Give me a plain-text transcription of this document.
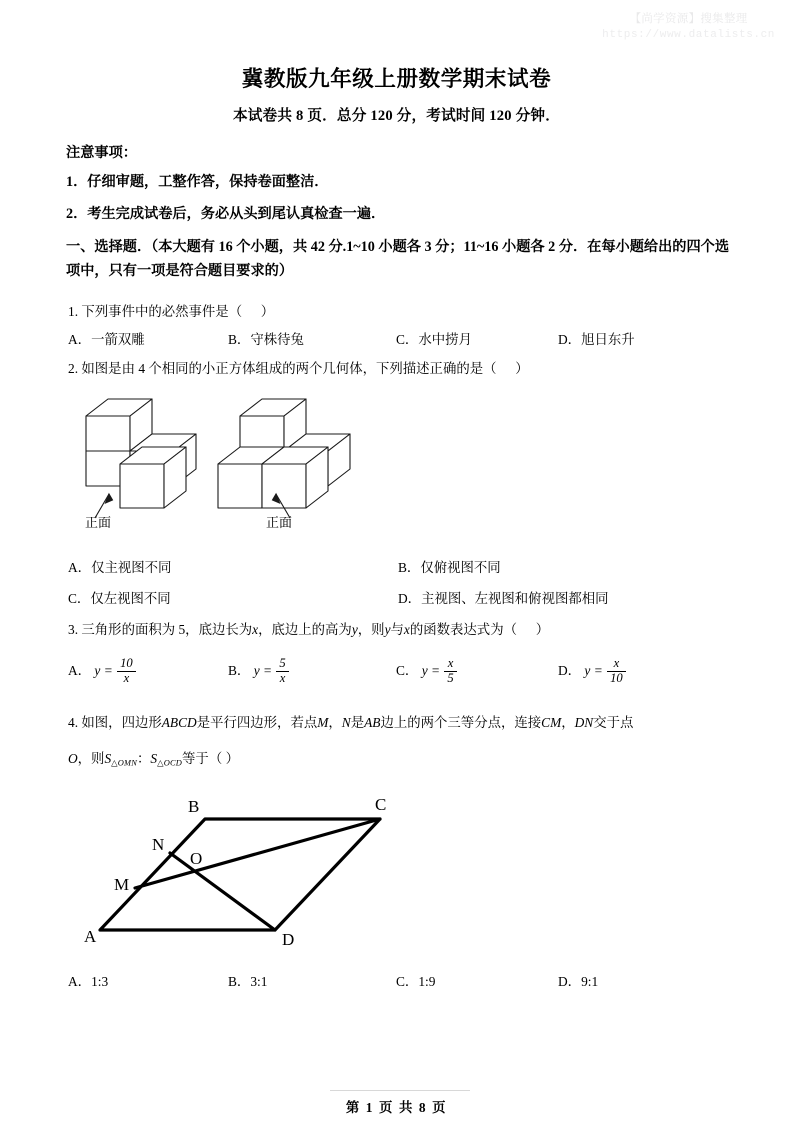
【尚学资源】搜集整理
https://www.datalists.cn
冀教版九年级上册数学期末试卷
本试卷共 8 页．总分 120 分，考试时间 120 分钟．
注意事项：
1．仔细审题，工整作答，保持卷面整洁．
2．考生完成试卷后，务必从头到尾认真检查一遍．
一、选择题．（本大题有 16 个小题，共 42 分.1~10 小题各 3 分；11~16 小题各 2 分．在每小题给出的四个选项中，只有一项是符合题目要求的）
1. 下列事件中的必然事件是（ ）
A．一箭双雕	B．守株待兔	C．水中捞月	D．旭日东升
2. 如图是由 4 个相同的小正方体组成的两个几何体，下列描述正确的是（ ）
正面	正面
A．仅主视图不同	B．仅俯视图不同
C．仅左视图不同	D．主视图、左视图和俯视图都相同
3. 三角形的面积为 5，底边长为x，底边上的高为y，则y与x的函数表达式为（ ）
A． $y = \frac{10}{x}$	B． $y = \frac{5}{x}$	C． $y = \frac{x}{5}$	D． $y = \frac{x}{10}$
4. 如图，四边形ABCD是平行四边形，若点M，N是AB边上的两个三等分点，连接CM，DN交于点
O，则$S_{\triangle OMN}$：$S_{\triangle OCD}$等于（ ）
A
B	C
D
N
M
O
A．1:3	B．3:1	C．1:9	D．9:1
第 1 页 共 8 页
